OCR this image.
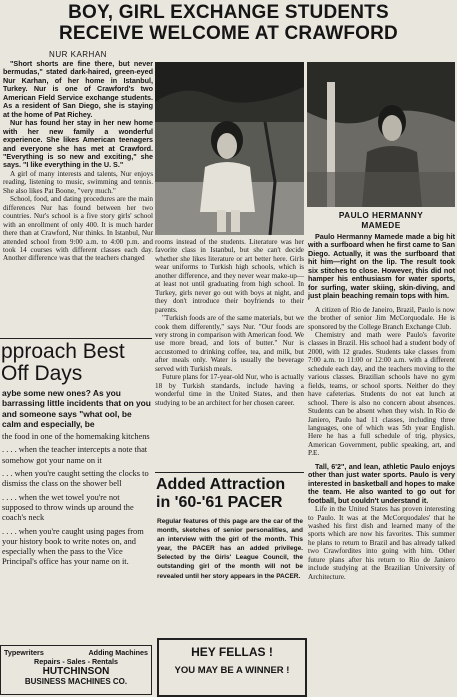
BOY, GIRL EXCHANGE STUDENTS
RECEIVE WELCOME AT CRAWFORD
NUR KARHAN

"Short shorts are fine there, but never bermudas," stated dark-haired, green-eyed Nur Karhan, of her home in Istanbul, Turkey. Nur is one of Crawford's two American Field Service exchange students. As a resident of San Diego, she is staying at the home of Pat Richey.

Nur has found her stay in her new home with her new family a wonderful experience. She likes American teenagers and everyone she has met at Crawford. "Everything is so new and exciting," she says. "I like everything in the U. S."

A girl of many interests and talents, Nur enjoys reading, listening to music, swimming and tennis. She also likes Pat Boone, "very much."

School, food, and dating procedures are the main differences Nur has found between her two countries. Nur's school is a five story girls' school with an enrollment of only 400. It is much harder there than at Crawford, Nur thinks. In Istanbul, Nur attended school from 9:00 a.m. to 4:00 p.m. and took 14 courses with different classes each day. Another difference was that the teachers changed

PAULO HERMANNY
MAMEDE

rooms instead of the students. Literature was her favorite class in Istanbul, but she can't decide whether she likes literature or art better here. Girls wear uniforms to Turkish high schools, which is another difference, and they never wear make-up—at least not until graduating from high school. In Turkey, girls never go out with boys at night, and they don't introduce their boyfriends to their parents.

"Turkish foods are of the same materials, but we cook them differently," says Nur. "Our foods are very strong in comparison with American food. We use more bread, and lots of butter." Nur is accustomed to drinking coffee, tea, and milk, but after meals only. Water is usually the beverage served with Turkish meals.

Future plans for 17-year-old Nur, who is actually 18 by Turkish standards, include having a wonderful time in the United States, and then studying to be an architect for her chosen career.

Paulo Hermanny Mamede made a big hit with a surfboard when he first came to San Diego. Actually, it was the surfboard that hit him—right on the lip. The result took six stitches to close. However, this did not hamper his enthusiasm for water sports, for surfing, water skiing, skin-diving, and just plain beaching remain tops with him.

A citizen of Rio de Janeiro, Brazil, Paulo is now the brother of senior Jim McCorquodale. He is sponsored by the College Branch Exchange Club.

Chemistry and math were Paulo's favorite classes in Brazil. His school had a student body of 2000, with 12 grades. Students take classes from 7:00 a.m. to 11:00 or 12:00 a.m. with a different schedule each day, and the teachers moving to the various classes. Brazilian schools have no gym fields, teams, or school sports. Neither do they have cafeterias. Students do not eat lunch at school. There is also no concern about absences. Students can be absent when they wish. In Rio de Janiero, Paulo had 11 classes, including three languages, one of which was 5th year English. Here he has a full schedule of trig, physics, American Government, public speaking, art, and P.E.

Tall, 6'2", and lean, athletic Paulo enjoys other than just water sports. Paulo is very interested in basketball and hopes to make the team. He also wanted to go out for football, but couldn't understand it.

Life in the United States has proven interesting to Paulo. It was at the McCorquodales' that he washed his first dish and learned many of the sports which are now his favorites. This summer he plans to return to Brazil and has already talked two Crawfordites into going with him. Other future plans after his return to Rio de Janiero include studying at the Brazilian University of Architecture.

pproach Best
Off Days

aybe some new ones? As you barrassing little incidents that on you and someone says "what ool, be calm and especially, be

the food in one of the homemaking kitchens

. . . . when the teacher intercepts a note that somehow got your name on it

. . . when you're caught setting the clocks to dismiss the class on the shower bell

. . . . when the wet towel you're not supposed to throw winds up around the coach's neck

. . . . when you're caught using pages from your history book to write notes on, and especially when the pass to the Vice Principal's office has your name on it.

Added Attraction
in '60-'61 PACER
Regular features of this page are the car of the month, sketches of senior personalities, and an interview with the girl of the month. This year, the PACER has an added privilege. Selected by the Girls' League Council, the outstanding girl of the month will not be revealed until her story appears in the PACER.
Typewriters	Adding Machines
Repairs - Sales - Rentals
HUTCHINSON
BUSINESS MACHINES CO.
HEY FELLAS !
YOU MAY BE A WINNER !
